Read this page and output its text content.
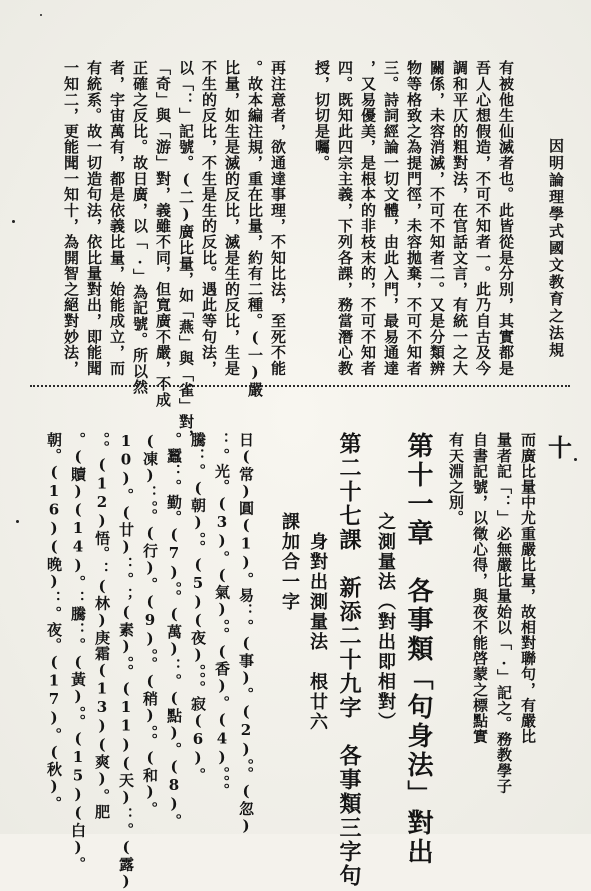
有被他生仙滅者也。此皆從是分別，其實都是
吾人心想假造，不可不知者一。此乃自古及今
調和平仄的粗對法，在官話文言，有統一之大
關係，未容消滅，不可不知者二。又是分類辨
物等格致之為提門徑，未容拋棄，不可不知者
三。詩詞經論一切文體，由此入門，最易通達
，又易優美，是根本的非枝末的，不可不知者
四。既知此四宗主義，下列各課，務當潛心教
授，切切是囑。
再注意者，欲通達事理，不知比法，至死不能
。故本編注規，重在比量，約有二種。(一)嚴
比量，如生是滅的反比，滅是生的反比，生是
不生的反比，不生是生的反比。遇此等句法，
以「：」記號。(二)廣比量，如「燕」與「雀」對，
「奇」與「游」對，義雖不同，但寬廣不嚴，不成
正確之反比。故日廣，以「.」為記號。所以然
者，宇宙萬有，都是依義比量，始能成立，而
有統系。故一切造句法，依比量對出，即能聞
一知二，更能聞一知十，為開智之絕對妙法，	因明論理學式國文教育之法規
十
而廣比量中尤重嚴比量，故相對聯句，有嚴比
量者記「：」必無嚴比量始以「.」記之。務教學子
自書記號，以徵心得，與夜不能啓蒙之標點實
有天淵之別。
第十一章　各事類「句身法」對出
　　　　之測量法（對出即相對）
第二十七課　新添二十九字　各事類三字句
　　　　　身對出測量法　根廿六
　　　　課加合一字
日(常)圓(1)。易：。(事)。(2)。。(忽)
：。光。(3)。(氣)。。(香)。(4)。。。
騰：。(朝)。。(5)(夜)。。。寂(6)。
。蠶：。勤。(7)。。(萬)：。(點)。(8)。
(凍)：。。(行)。(9)。。(稍)。。(和)。
10)。(廿)：。；(素)。。(11)(天)：。(露)
。。(12)悟。：(林)庚霜(13)(爽)。肥
。(贖)(14)。：騰：。(黃)。。(15)(白)。
朝。(16)(晚)：。夜。(17)。(秋)。
